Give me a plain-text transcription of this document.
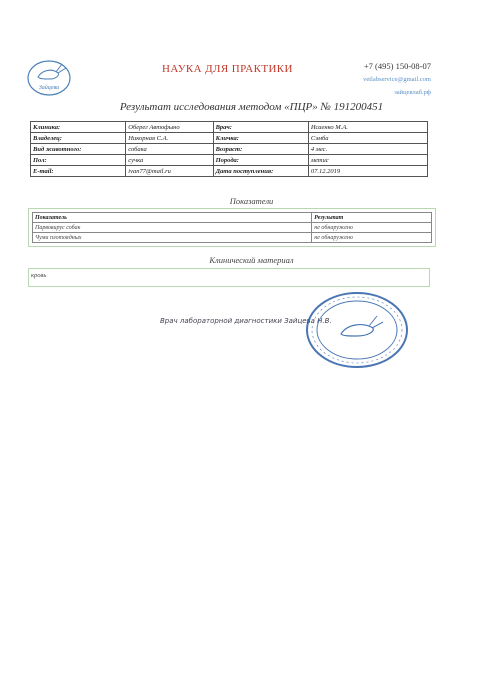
Зайцева
НАУКА ДЛЯ ПРАКТИКИ	+7 (495) 150-08-07
vetlabservice@gmail.com
зайцевлаб.рф
Результат исследования методом «ПЦР» № 191200451
Клиника:	Оберег Автофыно	Врач:	Исаенко М.А.
Владелец:	Никорная С.А.	Кличка:	Сэмба
Вид животного:	собака	Возраст:	4 мес.
Пол:	сучка	Порода:	метис
E-mail:	ivan77@mail.ru	Дата поступления:	07.12.2019
Показатели
Показатель	Результат
Парвовирус собак	не обнаружено
Чума плотоядных	не обнаружено
Клинический материал
кровь
Врач лабораторной диагностики Зайцева Н.В.
